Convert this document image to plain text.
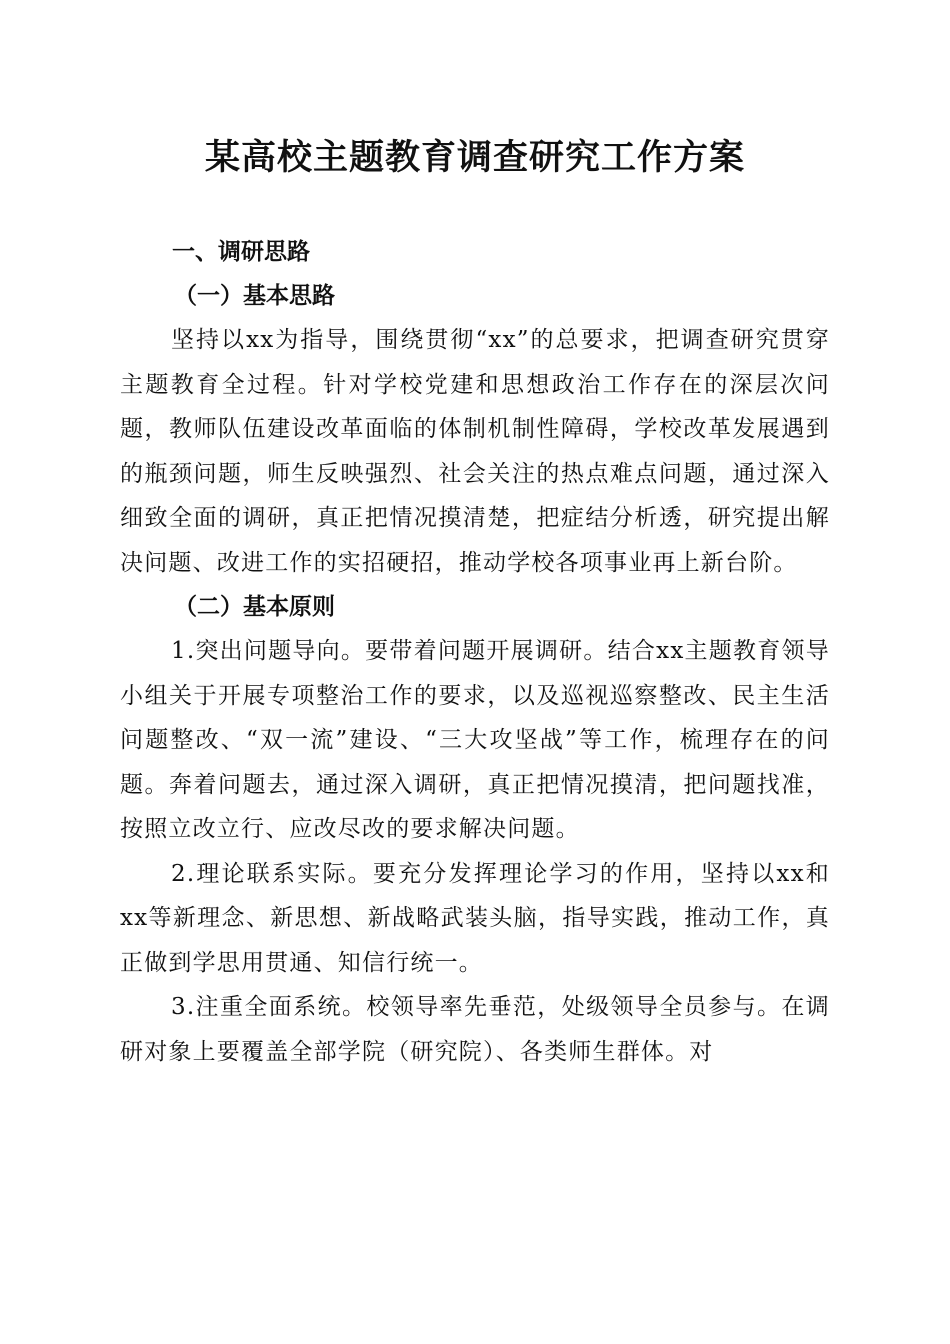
某高校主题教育调查研究工作方案

一、调研思路

（一）基本思路

坚持以xx为指导，围绕贯彻“xx”的总要求，把调查研究贯穿主题教育全过程。针对学校党建和思想政治工作存在的深层次问题，教师队伍建设改革面临的体制机制性障碍，学校改革发展遇到的瓶颈问题，师生反映强烈、社会关注的热点难点问题，通过深入细致全面的调研，真正把情况摸清楚，把症结分析透，研究提出解决问题、改进工作的实招硬招，推动学校各项事业再上新台阶。

（二）基本原则

1.突出问题导向。要带着问题开展调研。结合xx主题教育领导小组关于开展专项整治工作的要求，以及巡视巡察整改、民主生活问题整改、“双一流”建设、“三大攻坚战”等工作，梳理存在的问题。奔着问题去，通过深入调研，真正把情况摸清，把问题找准，按照立改立行、应改尽改的要求解决问题。

2.理论联系实际。要充分发挥理论学习的作用，坚持以xx和xx等新理念、新思想、新战略武装头脑，指导实践，推动工作，真正做到学思用贯通、知信行统一。

3.注重全面系统。校领导率先垂范，处级领导全员参与。在调研对象上要覆盖全部学院（研究院）、各类师生群体。对
